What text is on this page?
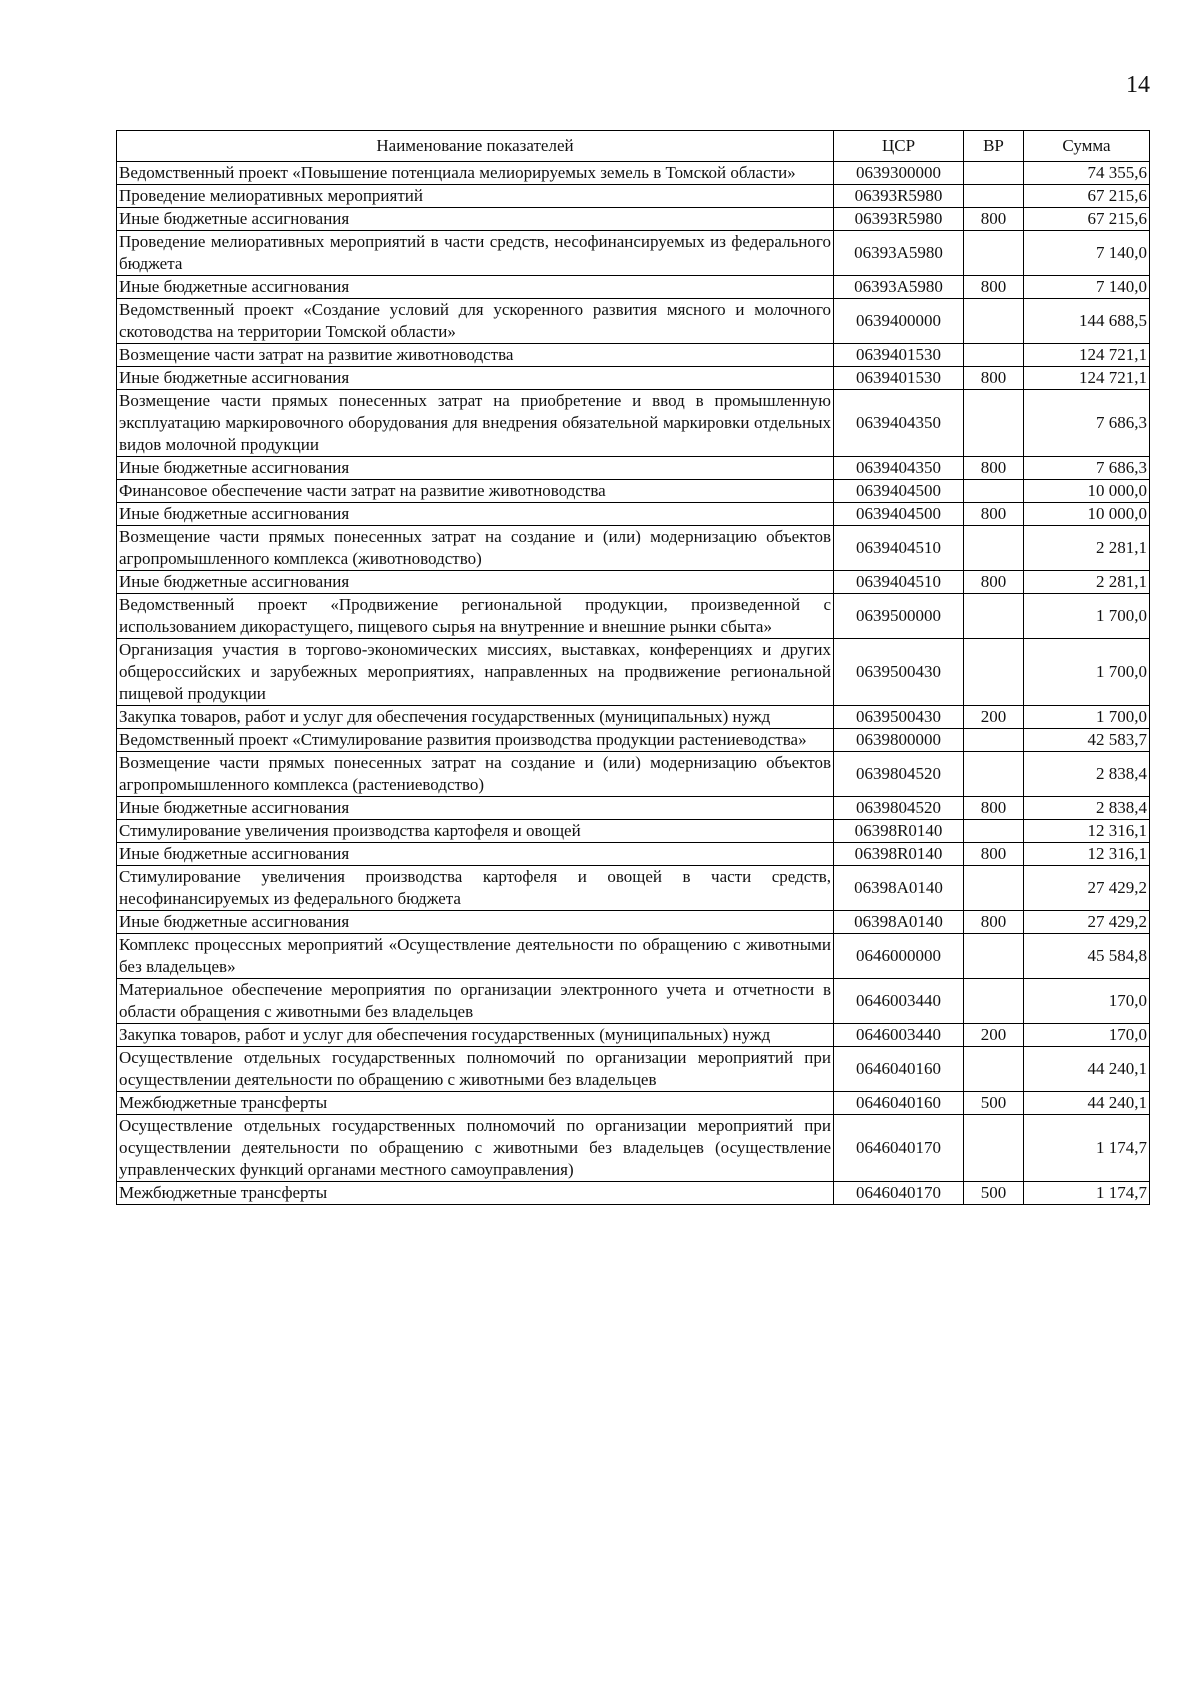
14
Наименование показателей	ЦСР	ВР	Сумма
Ведомственный проект «Повышение потенциала мелиорируемых земель в Томской области»	0639300000		74 355,6
Проведение мелиоративных мероприятий	06393R5980		67 215,6
Иные бюджетные ассигнования	06393R5980	800	67 215,6
Проведение мелиоративных мероприятий в части средств, несофинансируемых из федерального бюджета	06393А5980		7 140,0
Иные бюджетные ассигнования	06393А5980	800	7 140,0
Ведомственный проект «Создание условий для ускоренного развития мясного и молочного скотоводства на территории Томской области»	0639400000		144 688,5
Возмещение части затрат на развитие животноводства	0639401530		124 721,1
Иные бюджетные ассигнования	0639401530	800	124 721,1
Возмещение части прямых понесенных затрат на приобретение и ввод в промышленную эксплуатацию маркировочного оборудования для внедрения обязательной маркировки отдельных видов молочной продукции	0639404350		7 686,3
Иные бюджетные ассигнования	0639404350	800	7 686,3
Финансовое обеспечение части затрат на развитие животноводства	0639404500		10 000,0
Иные бюджетные ассигнования	0639404500	800	10 000,0
Возмещение части прямых понесенных затрат на создание и (или) модернизацию объектов агропромышленного комплекса (животноводство)	0639404510		2 281,1
Иные бюджетные ассигнования	0639404510	800	2 281,1
Ведомственный проект «Продвижение региональной продукции, произведенной с использованием дикорастущего, пищевого сырья на внутренние и внешние рынки сбыта»	0639500000		1 700,0
Организация участия в торгово-экономических миссиях, выставках, конференциях и других общероссийских и зарубежных мероприятиях, направленных на продвижение региональной пищевой продукции	0639500430		1 700,0
Закупка товаров, работ и услуг для обеспечения государственных (муниципальных) нужд	0639500430	200	1 700,0
Ведомственный проект «Стимулирование развития производства продукции растениеводства»	0639800000		42 583,7
Возмещение части прямых понесенных затрат на создание и (или) модернизацию объектов агропромышленного комплекса (растениеводство)	0639804520		2 838,4
Иные бюджетные ассигнования	0639804520	800	2 838,4
Стимулирование увеличения производства картофеля и овощей	06398R0140		12 316,1
Иные бюджетные ассигнования	06398R0140	800	12 316,1
Стимулирование увеличения производства картофеля и овощей в части средств, несофинансируемых из федерального бюджета	06398А0140		27 429,2
Иные бюджетные ассигнования	06398А0140	800	27 429,2
Комплекс процессных мероприятий «Осуществление деятельности по обращению с животными без владельцев»	0646000000		45 584,8
Материальное обеспечение мероприятия по организации электронного учета и отчетности в области обращения с животными без владельцев	0646003440		170,0
Закупка товаров, работ и услуг для обеспечения государственных (муниципальных) нужд	0646003440	200	170,0
Осуществление отдельных государственных полномочий по организации мероприятий при осуществлении деятельности по обращению с животными без владельцев	0646040160		44 240,1
Межбюджетные трансферты	0646040160	500	44 240,1
Осуществление отдельных государственных полномочий по организации мероприятий при осуществлении деятельности по обращению с животными без владельцев (осуществление управленческих функций органами местного самоуправления)	0646040170		1 174,7
Межбюджетные трансферты	0646040170	500	1 174,7
